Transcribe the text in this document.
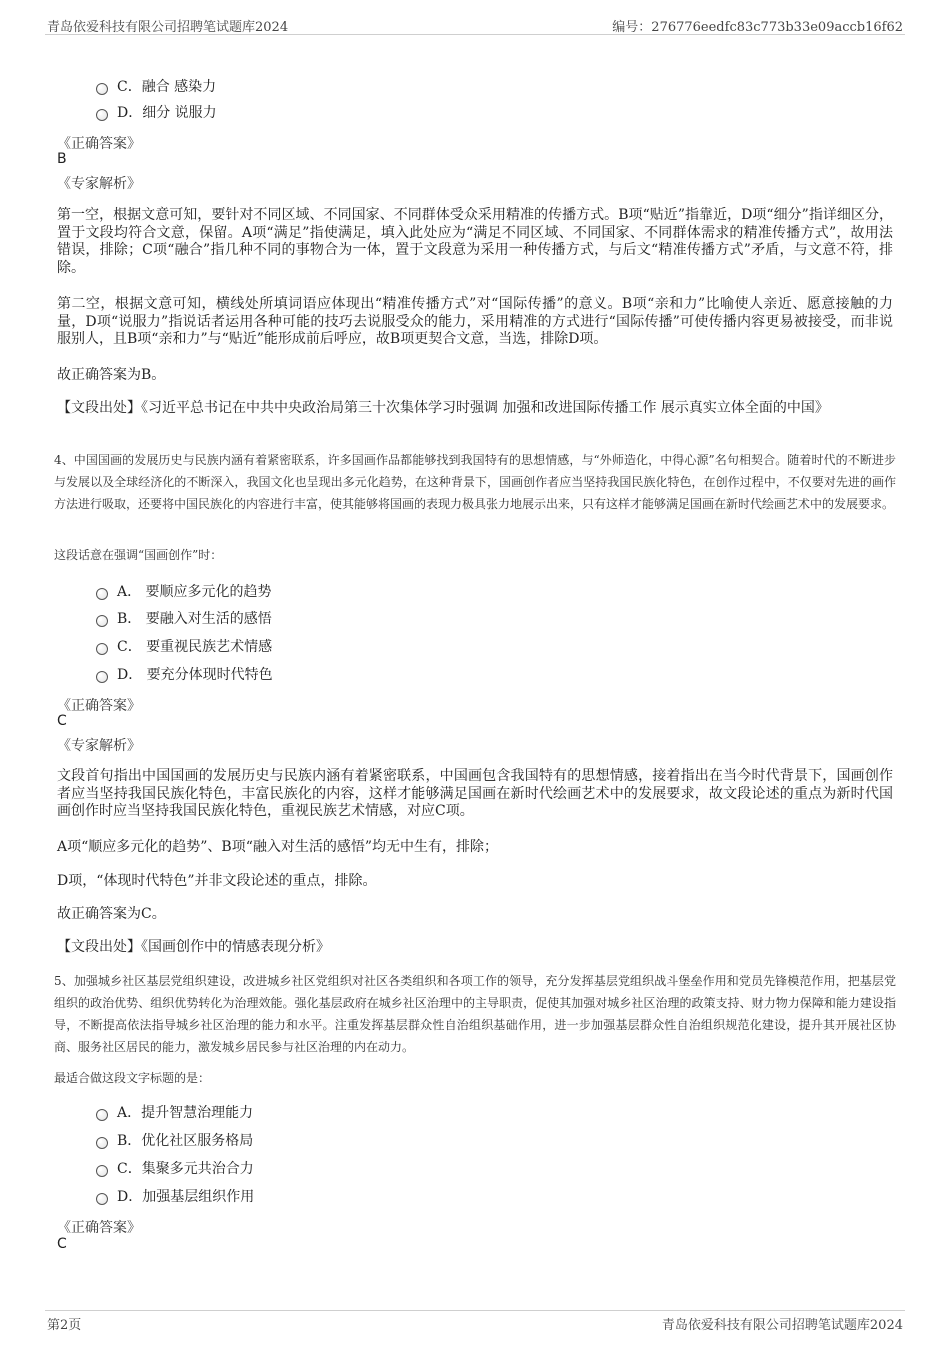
青岛依爱科技有限公司招聘笔试题库2024	编号：276776eedfc83c773b33e09accb16f62
C．融合 感染力
D．细分 说服力
《正确答案》
B
《专家解析》
第一空，根据文意可知，要针对不同区域、不同国家、不同群体受众采用精准的传播方式。B项“贴近”指靠近，D项“细分”指详细区分，置于文段均符合文意，保留。A项“满足”指使满足，填入此处应为“满足不同区域、不同国家、不同群体需求的精准传播方式”，故用法错误，排除；C项“融合”指几种不同的事物合为一体，置于文段意为采用一种传播方式，与后文“精准传播方式”矛盾，与文意不符，排除。
第二空，根据文意可知，横线处所填词语应体现出“精准传播方式”对“国际传播”的意义。B项“亲和力”比喻使人亲近、愿意接触的力量，D项“说服力”指说话者运用各种可能的技巧去说服受众的能力，采用精准的方式进行“国际传播”可使传播内容更易被接受，而非说服别人，且B项“亲和力”与“贴近”能形成前后呼应，故B项更契合文意，当选，排除D项。
故正确答案为B。
【文段出处】《习近平总书记在中共中央政治局第三十次集体学习时强调 加强和改进国际传播工作 展示真实立体全面的中国》
4、中国国画的发展历史与民族内涵有着紧密联系，许多国画作品都能够找到我国特有的思想情感，与“外师造化，中得心源”名句相契合。随着时代的不断进步与发展以及全球经济化的不断深入，我国文化也呈现出多元化趋势，在这种背景下，国画创作者应当坚持我国民族化特色，在创作过程中，不仅要对先进的画作方法进行吸取，还要将中国民族化的内容进行丰富，使其能够将国画的表现力极具张力地展示出来，只有这样才能够满足国画在新时代绘画艺术中的发展要求。
这段话意在强调“国画创作”时：
A． 要顺应多元化的趋势
B． 要融入对生活的感悟
C． 要重视民族艺术情感
D． 要充分体现时代特色
《正确答案》
C
《专家解析》
文段首句指出中国国画的发展历史与民族内涵有着紧密联系，中国画包含我国特有的思想情感，接着指出在当今时代背景下，国画创作者应当坚持我国民族化特色，丰富民族化的内容，这样才能够满足国画在新时代绘画艺术中的发展要求，故文段论述的重点为新时代国画创作时应当坚持我国民族化特色，重视民族艺术情感，对应C项。
A项“顺应多元化的趋势”、B项“融入对生活的感悟”均无中生有，排除；
D项，“体现时代特色”并非文段论述的重点，排除。
故正确答案为C。
【文段出处】《国画创作中的情感表现分析》
5、加强城乡社区基层党组织建设，改进城乡社区党组织对社区各类组织和各项工作的领导，充分发挥基层党组织战斗堡垒作用和党员先锋模范作用，把基层党组织的政治优势、组织优势转化为治理效能。强化基层政府在城乡社区治理中的主导职责，促使其加强对城乡社区治理的政策支持、财力物力保障和能力建设指导，不断提高依法指导城乡社区治理的能力和水平。注重发挥基层群众性自治组织基础作用，进一步加强基层群众性自治组织规范化建设，提升其开展社区协商、服务社区居民的能力，激发城乡居民参与社区治理的内在动力。
最适合做这段文字标题的是：
A．提升智慧治理能力
B．优化社区服务格局
C．集聚多元共治合力
D．加强基层组织作用
《正确答案》
C
第2页	青岛依爱科技有限公司招聘笔试题库2024
